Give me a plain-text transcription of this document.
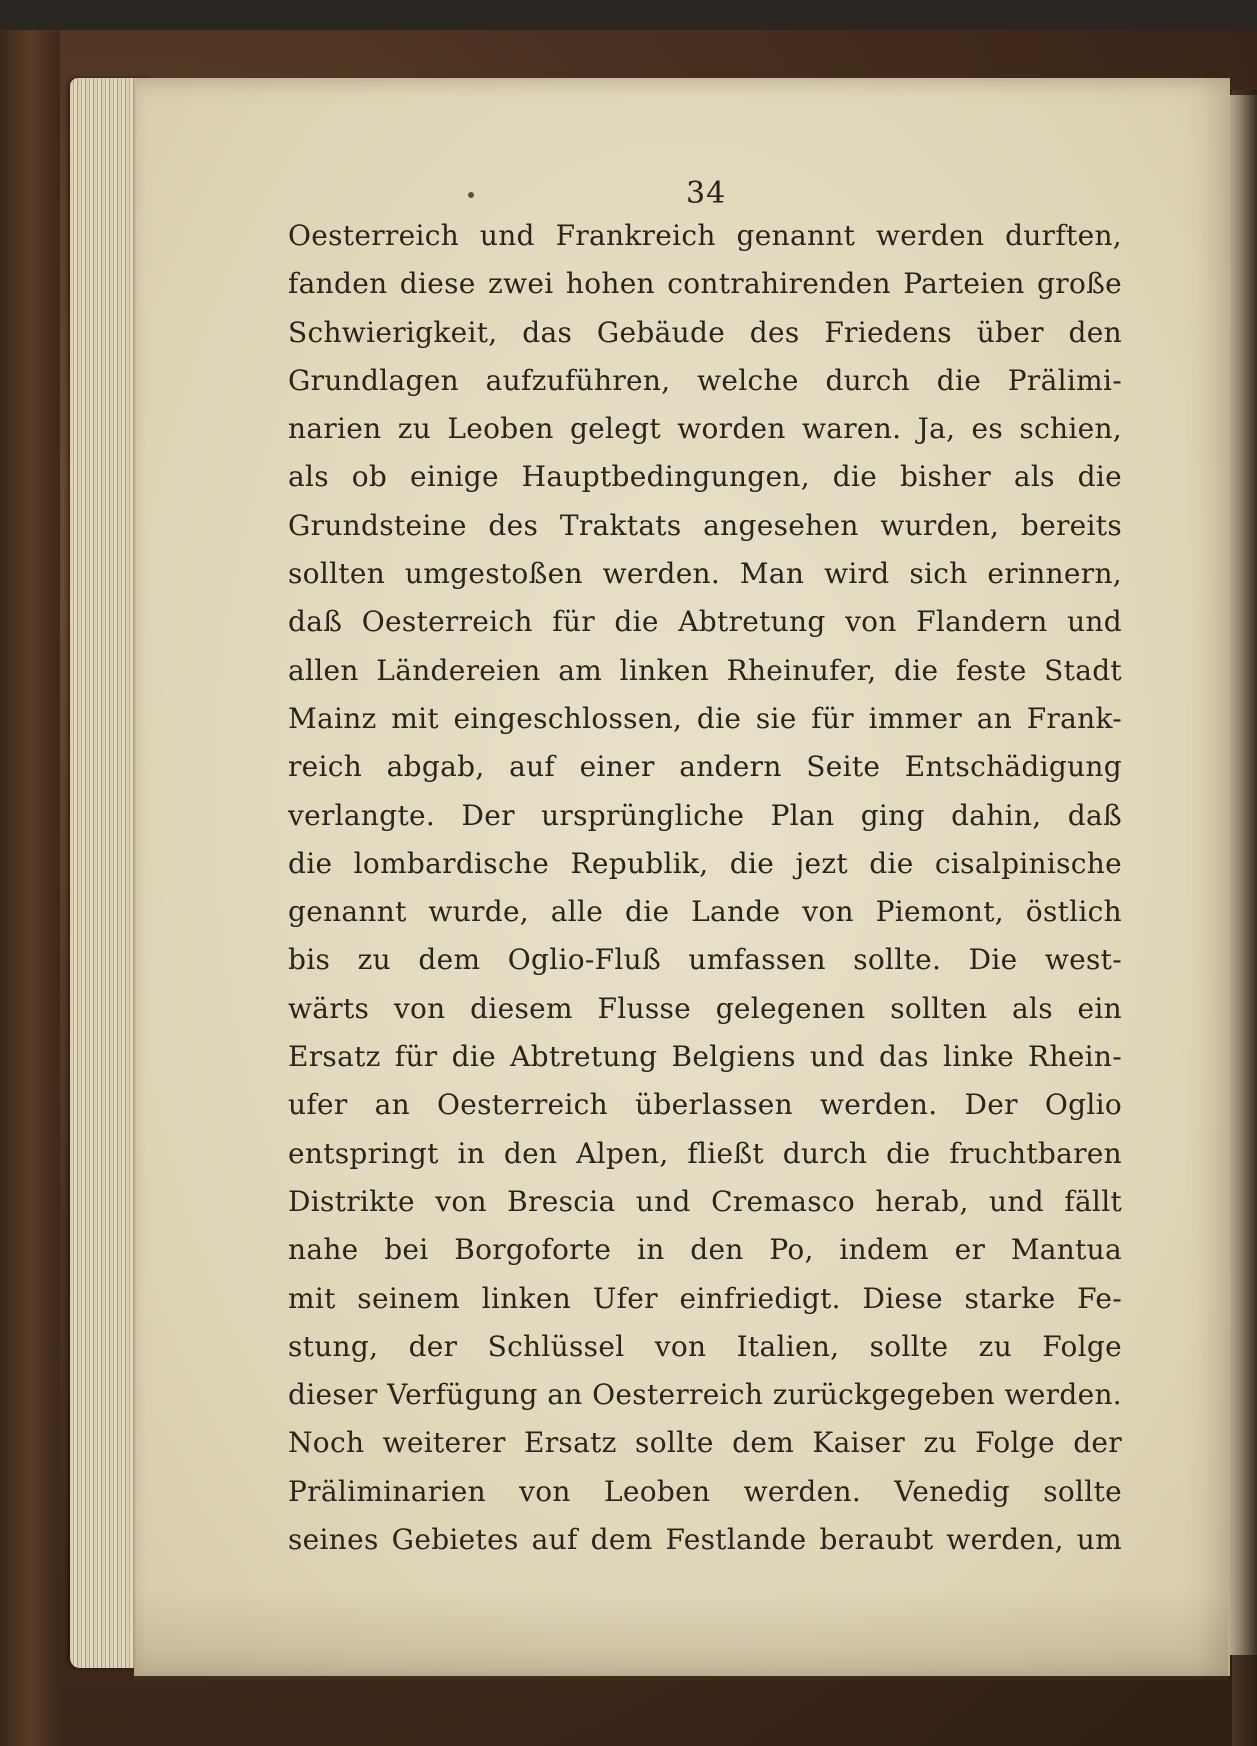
34
Oesterreich und Frankreich genannt werden durften,
fanden diese zwei hohen contrahirenden Parteien große
Schwierigkeit, das Gebäude des Friedens über den
Grundlagen aufzuführen, welche durch die Prälimi-
narien zu Leoben gelegt worden waren. Ja, es schien,
als ob einige Hauptbedingungen, die bisher als die
Grundsteine des Traktats angesehen wurden, bereits
sollten umgestoßen werden. Man wird sich erinnern,
daß Oesterreich für die Abtretung von Flandern und
allen Ländereien am linken Rheinufer, die feste Stadt
Mainz mit eingeschlossen, die sie für immer an Frank-
reich abgab, auf einer andern Seite Entschädigung
verlangte. Der ursprüngliche Plan ging dahin, daß
die lombardische Republik, die jezt die cisalpinische
genannt wurde, alle die Lande von Piemont, östlich
bis zu dem Oglio-Fluß umfassen sollte. Die west-
wärts von diesem Flusse gelegenen sollten als ein
Ersatz für die Abtretung Belgiens und das linke Rhein-
ufer an Oesterreich überlassen werden. Der Oglio
entspringt in den Alpen, fließt durch die fruchtbaren
Distrikte von Brescia und Cremasco herab, und fällt
nahe bei Borgoforte in den Po, indem er Mantua
mit seinem linken Ufer einfriedigt. Diese starke Fe-
stung, der Schlüssel von Italien, sollte zu Folge
dieser Verfügung an Oesterreich zurückgegeben werden.
Noch weiterer Ersatz sollte dem Kaiser zu Folge der
Präliminarien von Leoben werden. Venedig sollte
seines Gebietes auf dem Festlande beraubt werden, um
